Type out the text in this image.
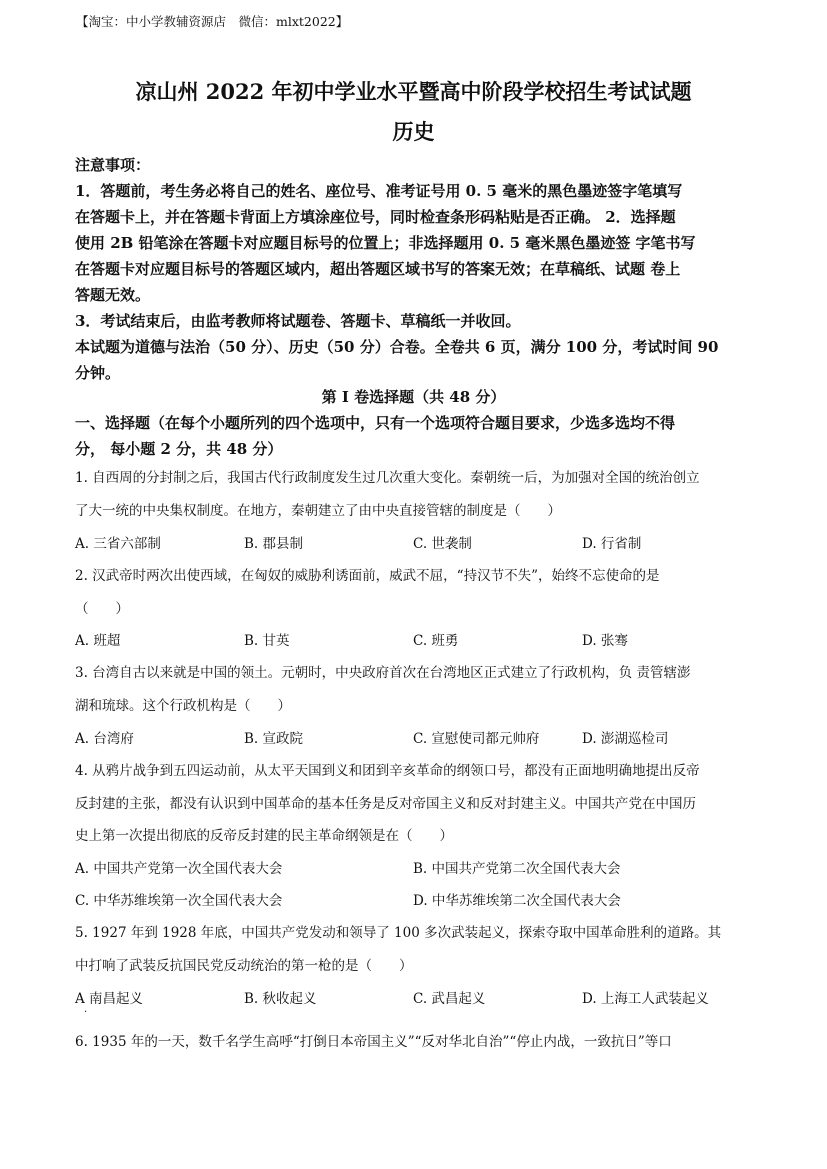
【淘宝：中小学教辅资源店　微信：mlxt2022】
凉山州 2022 年初中学业水平暨高中阶段学校招生考试试题
历史
注意事项：
1．答题前，考生务必将自己的姓名、座位号、准考证号用 0. 5 毫米的黑色墨迹签字笔填写
在答题卡上，并在答题卡背面上方填涂座位号，同时检查条形码粘贴是否正确。 2．选择题
使用 2B 铅笔涂在答题卡对应题目标号的位置上；非选择题用 0. 5 毫米黑色墨迹签 字笔书写
在答题卡对应题目标号的答题区域内，超出答题区域书写的答案无效；在草稿纸、试题 卷上
答题无效。
3．考试结束后，由监考教师将试题卷、答题卡、草稿纸一并收回。
本试题为道德与法治（50 分）、历史（50 分）合卷。全卷共 6 页，满分 100 分，考试时间 90
分钟。
第 I 卷选择题（共 48 分）
一、选择题（在每个小题所列的四个选项中，只有一个选项符合题目要求，少选多选均不得
分， 每小题 2 分，共 48 分）
1. 自西周的分封制之后，我国古代行政制度发生过几次重大变化。秦朝统一后，为加强对全国的统治创立
了大一统的中央集权制度。在地方，秦朝建立了由中央直接管辖的制度是（　　）
A. 三省六部制	B. 郡县制	C. 世袭制	D. 行省制
2. 汉武帝时两次出使西域，在匈奴的威胁利诱面前，威武不屈，“持汉节不失”，始终不忘使命的是
（　　）
A. 班超	B. 甘英	C. 班勇	D. 张骞
3. 台湾自古以来就是中国的领土。元朝时，中央政府首次在台湾地区正式建立了行政机构，负 责管辖澎
湖和琉球。这个行政机构是（　　）
A. 台湾府	B. 宣政院	C. 宣慰使司都元帅府	D. 澎湖巡检司
4. 从鸦片战争到五四运动前，从太平天国到义和团到辛亥革命的纲领口号，都没有正面地明确地提出反帝
反封建的主张，都没有认识到中国革命的基本任务是反对帝国主义和反对封建主义。中国共产党在中国历
史上第一次提出彻底的反帝反封建的民主革命纲领是在（　　）
A. 中国共产党第一次全国代表大会	B. 中国共产党第二次全国代表大会
C. 中华苏维埃第一次全国代表大会	D. 中华苏维埃第二次全国代表大会
5. 1927 年到 1928 年底，中国共产党发动和领导了 100 多次武装起义，探索夺取中国革命胜利的道路。其
中打响了武装反抗国民党反动统治的第一枪的是（　　）
A 南昌起义	B. 秋收起义	C. 武昌起义	D. 上海工人武装起义
.
6. 1935 年的一天，数千名学生高呼“打倒日本帝国主义”“反对华北自治”“停止内战，一致抗日”等口
